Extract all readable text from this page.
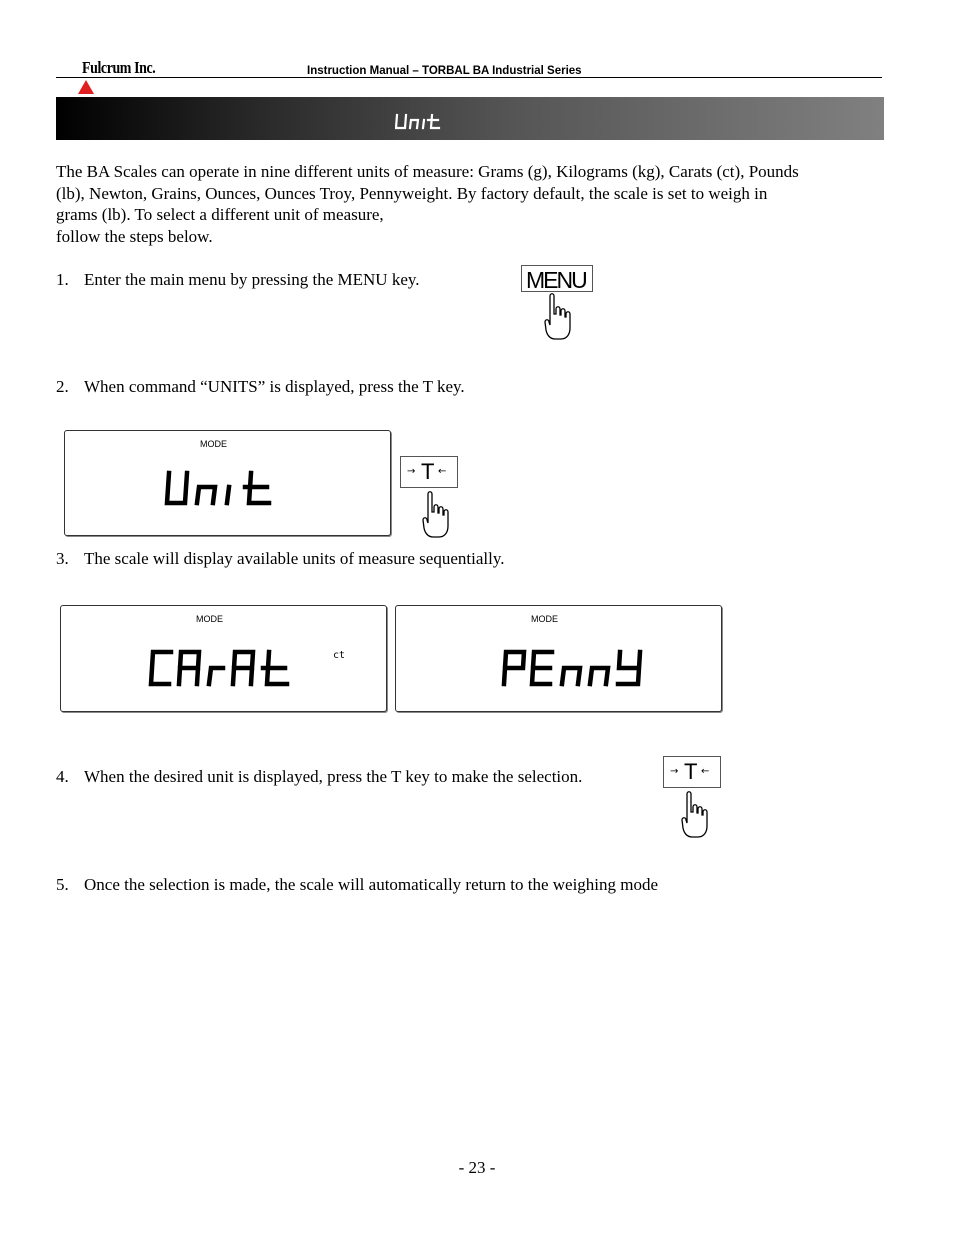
Fulcrum Inc.	Instruction Manual – TORBAL BA Industrial Series
The BA Scales can operate in nine different units of measure: Grams (g), Kilograms (kg), Carats (ct), Pounds
(lb), Newton, Grains, Ounces, Ounces Troy, Pennyweight. By factory default, the scale is set to weigh in
grams (lb). To select a different unit of measure,
follow the steps below.
1. Enter the main menu by pressing the MENU key.	MENU
2. When command “UNITS” is displayed, press the T key.
MODE
→ T ←
3. The scale will display available units of measure sequentially.
MODE
ct
MODE
4. When the desired unit is displayed, press the T key to make the selection.	→ T ←
5. Once the selection is made, the scale will automatically return to the weighing mode
- 23 -
